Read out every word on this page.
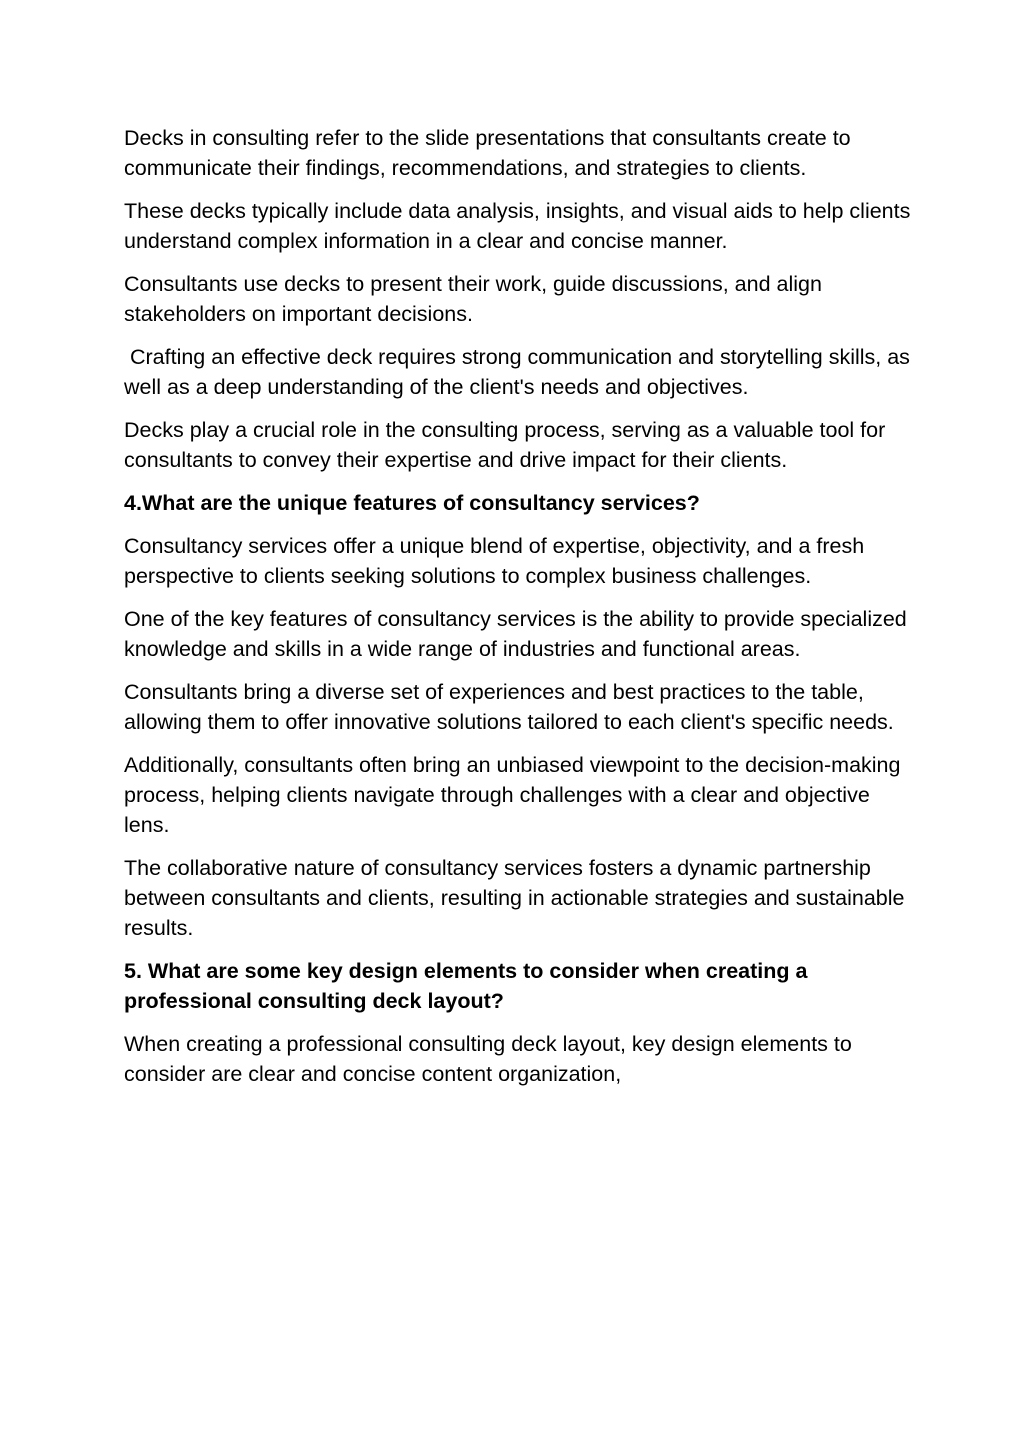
Decks in consulting refer to the slide presentations that consultants create to communicate their findings, recommendations, and strategies to clients.

These decks typically include data analysis, insights, and visual aids to help clients understand complex information in a clear and concise manner.

Consultants use decks to present their work, guide discussions, and align stakeholders on important decisions.

Crafting an effective deck requires strong communication and storytelling skills, as well as a deep understanding of the client's needs and objectives.

Decks play a crucial role in the consulting process, serving as a valuable tool for consultants to convey their expertise and drive impact for their clients.

4.What are the unique features of consultancy services?

Consultancy services offer a unique blend of expertise, objectivity, and a fresh perspective to clients seeking solutions to complex business challenges.

One of the key features of consultancy services is the ability to provide specialized knowledge and skills in a wide range of industries and functional areas.

Consultants bring a diverse set of experiences and best practices to the table, allowing them to offer innovative solutions tailored to each client's specific needs.

Additionally, consultants often bring an unbiased viewpoint to the decision-making process, helping clients navigate through challenges with a clear and objective lens.

The collaborative nature of consultancy services fosters a dynamic partnership between consultants and clients, resulting in actionable strategies and sustainable results.

5. What are some key design elements to consider when creating a professional consulting deck layout?

When creating a professional consulting deck layout, key design elements to consider are clear and concise content organization,
